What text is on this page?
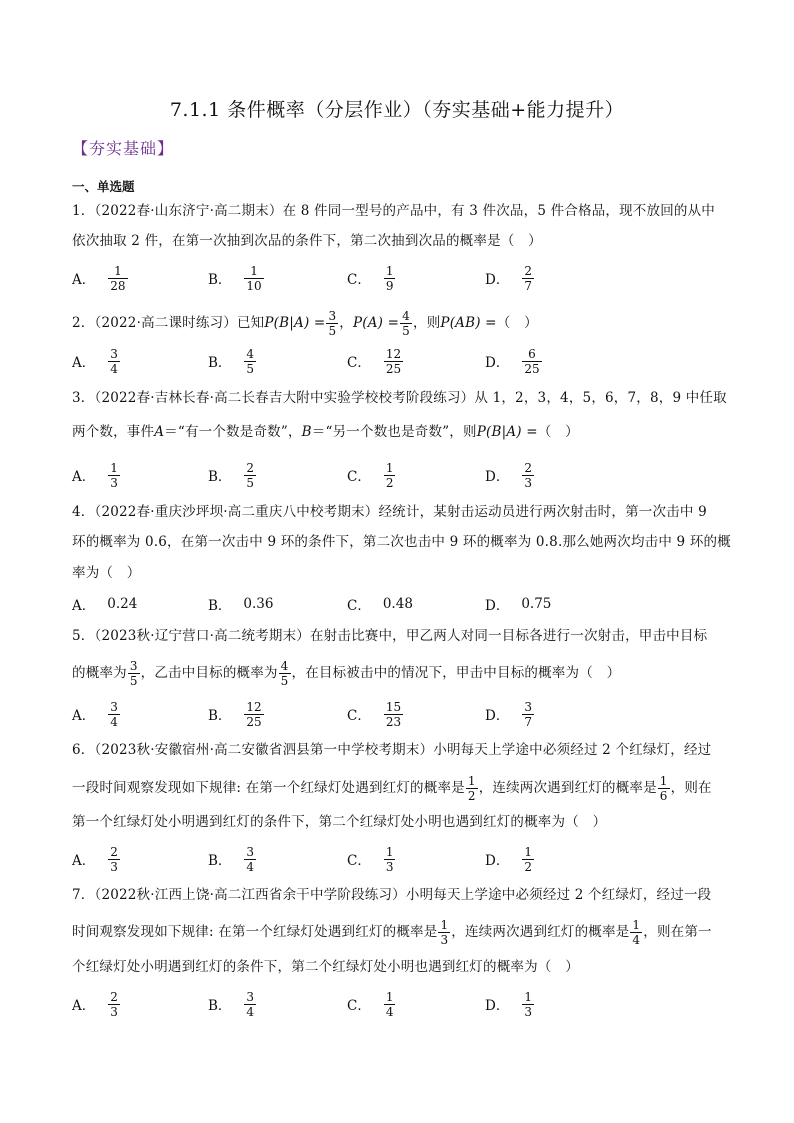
7.1.1 条件概率（分层作业）（夯实基础+能力提升）
【夯实基础】
一、单选题
1．（2022春·山东济宁·高二期末）在 8 件同一型号的产品中，有 3 件次品，5 件合格品，现不放回的从中
依次抽取 2 件，在第一次抽到次品的条件下，第二次抽到次品的概率是（　）
A． $\frac{1}{28}$	B． $\frac{1}{10}$	C． $\frac{1}{9}$	D． $\frac{2}{7}$
2．（2022·高二课时练习）已知 $P(B|A) = \frac{3}{5}$ ， $P(A) = \frac{4}{5}$ ，则 P(AB) = （　）
A． $\frac{3}{4}$	B． $\frac{4}{5}$	C． $\frac{12}{25}$	D． $\frac{6}{25}$
3．（2022春·吉林长春·高二长春吉大附中实验学校校考阶段练习）从 1，2，3，4，5，6，7，8，9 中任取
两个数，事件A＝“有一个数是奇数”，B＝“另一个数也是奇数”，则P(B|A) =（　）
A． $\frac{1}{3}$	B． $\frac{2}{5}$	C． $\frac{1}{2}$	D． $\frac{2}{3}$
4．（2022春·重庆沙坪坝·高二重庆八中校考期末）经统计，某射击运动员进行两次射击时，第一次击中 9
环的概率为 0.6，在第一次击中 9 环的条件下，第二次也击中 9 环的概率为 0.8.那么她两次均击中 9 环的概
率为（　）
A． 0.24	B． 0.36	C． 0.48	D． 0.75
5．（2023秋·辽宁营口·高二统考期末）在射击比赛中，甲乙两人对同一目标各进行一次射击，甲击中目标
的概率为 $\frac{3}{5}$ ，乙击中目标的概率为 $\frac{4}{5}$ ，在目标被击中的情况下，甲击中目标的概率为（　）
A． $\frac{3}{4}$	B． $\frac{12}{25}$	C． $\frac{15}{23}$	D． $\frac{3}{7}$
6．（2023秋·安徽宿州·高二安徽省泗县第一中学校考期末）小明每天上学途中必须经过 2 个红绿灯，经过
一段时间观察发现如下规律: 在第一个红绿灯处遇到红灯的概率是 $\frac{1}{2}$ ，连续两次遇到红灯的概率是 $\frac{1}{6}$ ，则在
第一个红绿灯处小明遇到红灯的条件下，第二个红绿灯处小明也遇到红灯的概率为（　）
A． $\frac{2}{3}$	B． $\frac{3}{4}$	C． $\frac{1}{3}$	D． $\frac{1}{2}$
7．（2022秋·江西上饶·高二江西省余干中学阶段练习）小明每天上学途中必须经过 2 个红绿灯，经过一段
时间观察发现如下规律: 在第一个红绿灯处遇到红灯的概率是 $\frac{1}{3}$ ，连续两次遇到红灯的概率是 $\frac{1}{4}$ ，则在第一
个红绿灯处小明遇到红灯的条件下，第二个红绿灯处小明也遇到红灯的概率为（　）
A． $\frac{2}{3}$	B． $\frac{3}{4}$	C． $\frac{1}{4}$	D． $\frac{1}{3}$
